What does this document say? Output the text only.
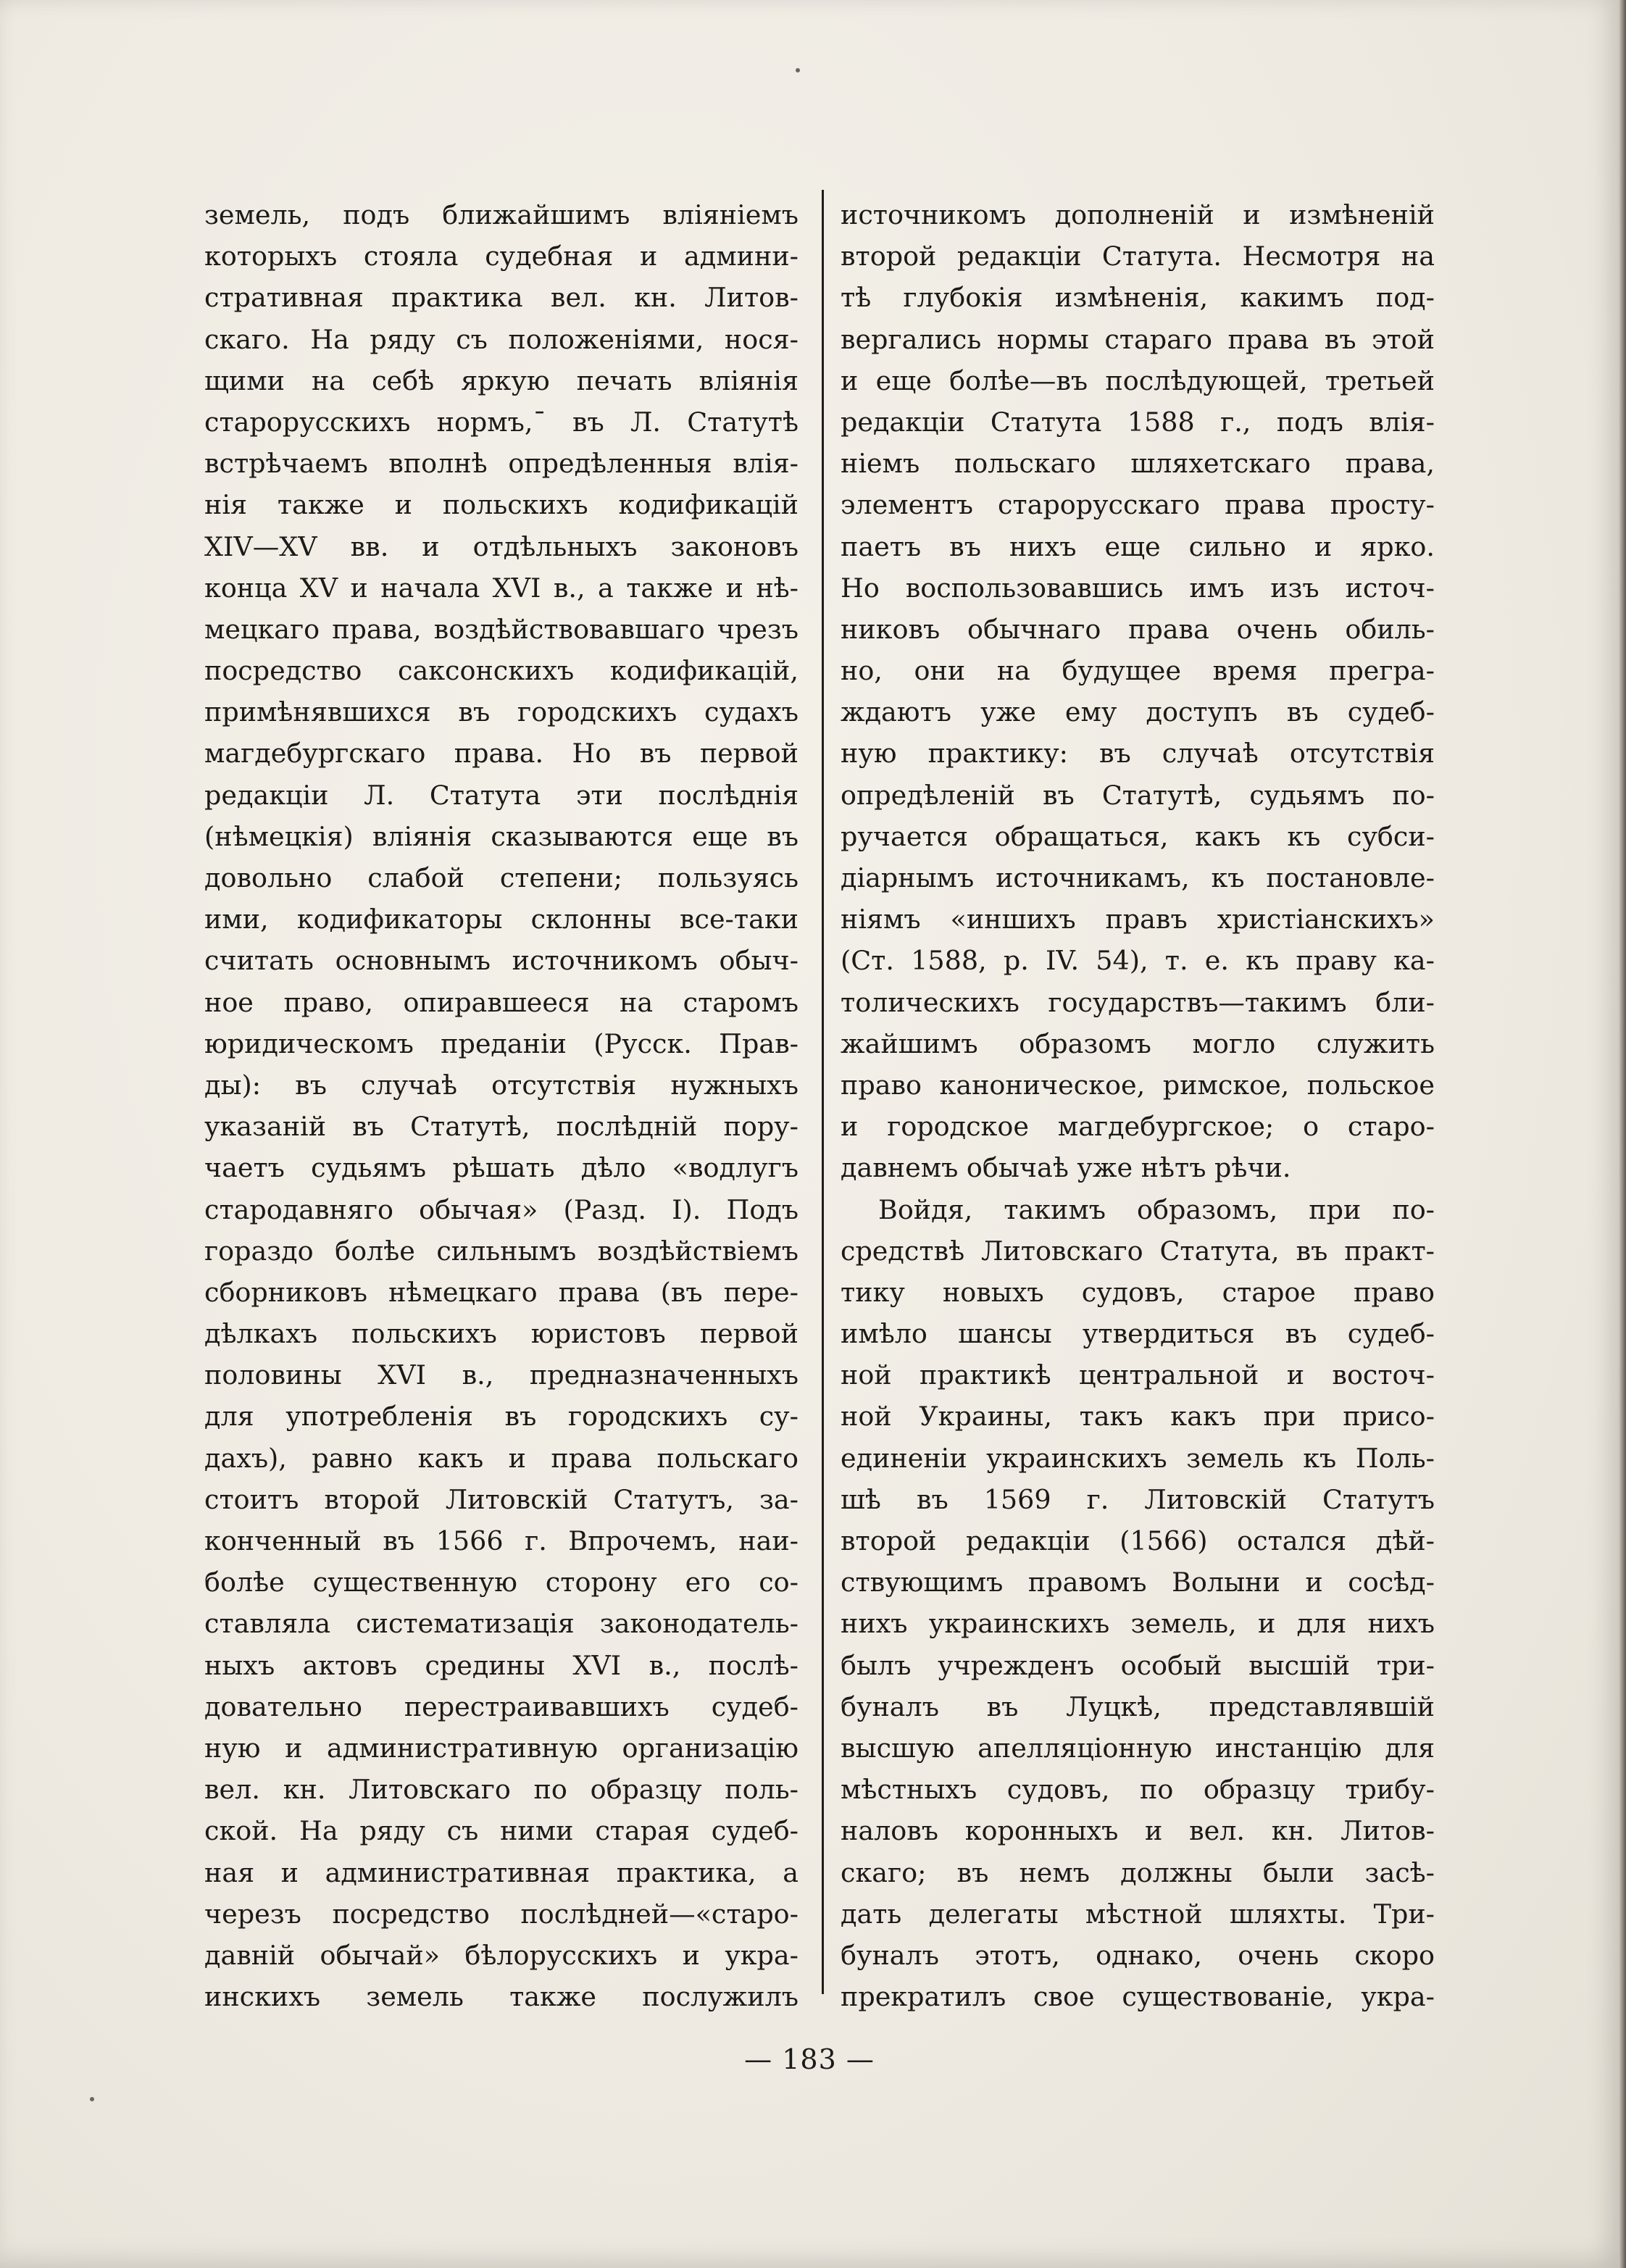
земель, подъ ближайшимъ вліяніемъ
которыхъ стояла судебная и админи-
стративная практика вел. кн. Литов-
скаго. На ряду съ положеніями, нося-
щими на себѣ яркую печать вліянія
старорусскихъ нормъ,ˉ въ Л. Статутѣ
встрѣчаемъ вполнѣ опредѣленныя влія-
нія также и польскихъ кодификацій
XIV—XV вв. и отдѣльныхъ законовъ
конца XV и начала XVI в., а также и нѣ-
мецкаго права, воздѣйствовавшаго чрезъ
посредство саксонскихъ кодификацій,
примѣнявшихся въ городскихъ судахъ
магдебургскаго права. Но въ первой
редакціи Л. Статута эти послѣднія
(нѣмецкія) вліянія сказываются еще въ
довольно слабой степени; пользуясь
ими, кодификаторы склонны все-таки
считать основнымъ источникомъ обыч-
ное право, опиравшееся на старомъ
юридическомъ преданіи (Русск. Прав-
ды): въ случаѣ отсутствія нужныхъ
указаній въ Статутѣ, послѣдній пору-
чаетъ судьямъ рѣшать дѣло «водлугъ
стародавняго обычая» (Разд. I). Подъ
гораздо болѣе сильнымъ воздѣйствіемъ
сборниковъ нѣмецкаго права (въ пере-
дѣлкахъ польскихъ юристовъ первой
половины XVI в., предназначенныхъ
для употребленія въ городскихъ су-
дахъ), равно какъ и права польскаго
стоитъ второй Литовскій Статутъ, за-
конченный въ 1566 г. Впрочемъ, наи-
болѣе существенную сторону его со-
ставляла систематизація законодатель-
ныхъ актовъ средины XVI в., послѣ-
довательно перестраивавшихъ судеб-
ную и административную организацію
вел. кн. Литовскаго по образцу поль-
ской. На ряду съ ними старая судеб-
ная и административная практика, а
черезъ посредство послѣдней—«старо-
давній обычай» бѣлорусскихъ и укра-
инскихъ земель также послужилъ
источникомъ дополненій и измѣненій
второй редакціи Статута. Несмотря на
тѣ глубокія измѣненія, какимъ под-
вергались нормы стараго права въ этой
и еще болѣе—въ послѣдующей, третьей
редакціи Статута 1588 г., подъ влія-
ніемъ польскаго шляхетскаго права,
элементъ старорусскаго права просту-
паетъ въ нихъ еще сильно и ярко.
Но воспользовавшись имъ изъ источ-
никовъ обычнаго права очень обиль-
но, они на будущее время прегра-
ждаютъ уже ему доступъ въ судеб-
ную практику: въ случаѣ отсутствія
опредѣленій въ Статутѣ, судьямъ по-
ручается обращаться, какъ къ субси-
діарнымъ источникамъ, къ постановле-
ніямъ «иншихъ правъ христіанскихъ»
(Ст. 1588, р. IV. 54), т. е. къ праву ка-
толическихъ государствъ—такимъ бли-
жайшимъ образомъ могло служить
право каноническое, римское, польское
и городское магдебургское; о старо-
давнемъ обычаѣ уже нѣтъ рѣчи.
Войдя, такимъ образомъ, при по-
средствѣ Литовскаго Статута, въ практ-
тику новыхъ судовъ, старое право
имѣло шансы утвердиться въ судеб-
ной практикѣ центральной и восточ-
ной Украины, такъ какъ при присо-
единеніи украинскихъ земель къ Поль-
шѣ въ 1569 г. Литовскій Статутъ
второй редакціи (1566) остался дѣй-
ствующимъ правомъ Волыни и сосѣд-
нихъ украинскихъ земель, и для нихъ
былъ учрежденъ особый высшій три-
буналъ въ Луцкѣ, представлявшій
высшую апелляціонную инстанцію для
мѣстныхъ судовъ, по образцу трибу-
наловъ коронныхъ и вел. кн. Литов-
скаго; въ немъ должны были засѣ-
дать делегаты мѣстной шляхты. Три-
буналъ этотъ, однако, очень скоро
прекратилъ свое существованіе, укра-
— 183 —
